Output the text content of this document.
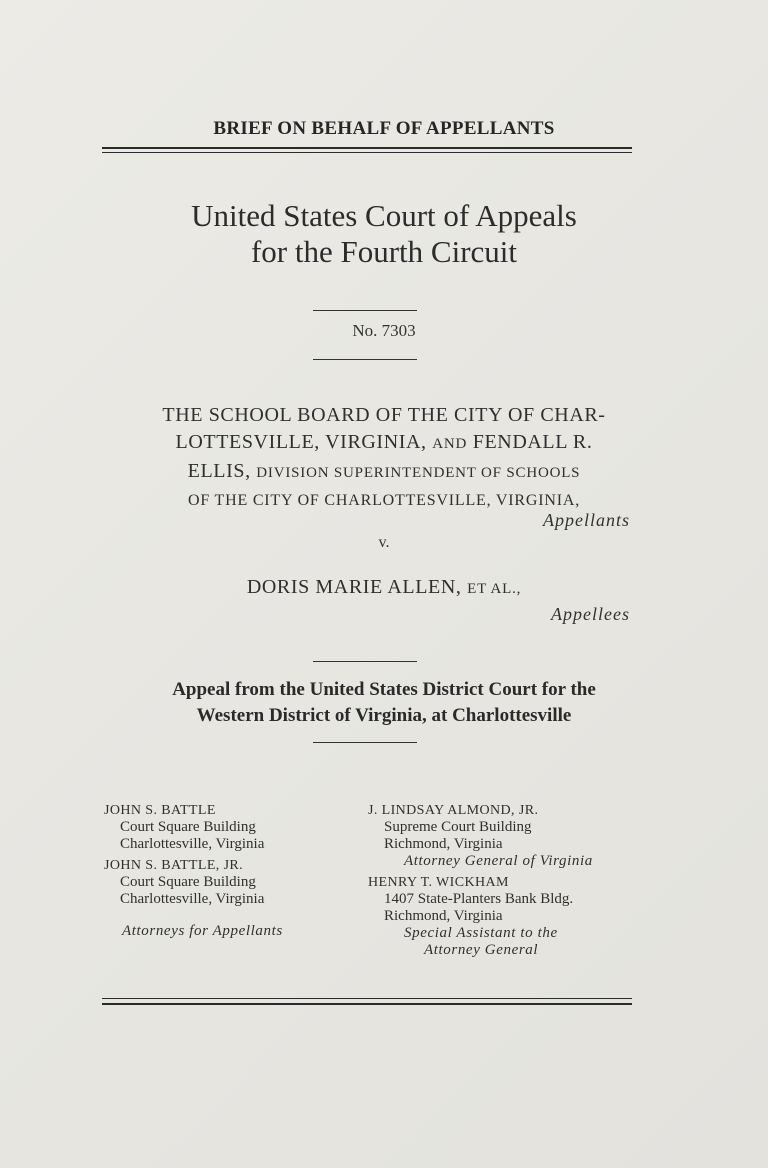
BRIEF ON BEHALF OF APPELLANTS
United States Court of Appeals
for the Fourth Circuit
No. 7303
THE SCHOOL BOARD OF THE CITY OF CHAR-
LOTTESVILLE, VIRGINIA, AND FENDALL R.
ELLIS, DIVISION SUPERINTENDENT OF SCHOOLS
OF THE CITY OF CHARLOTTESVILLE, VIRGINIA,
Appellants
v.
DORIS MARIE ALLEN, ET AL.,
Appellees
Appeal from the United States District Court for the
Western District of Virginia, at Charlottesville
JOHN S. BATTLE
Court Square Building
Charlottesville, Virginia
JOHN S. BATTLE, JR.
Court Square Building
Charlottesville, Virginia
Attorneys for Appellants
J. LINDSAY ALMOND, JR.
Supreme Court Building
Richmond, Virginia
Attorney General of Virginia
HENRY T. WICKHAM
1407 State-Planters Bank Bldg.
Richmond, Virginia
Special Assistant to the
Attorney General
